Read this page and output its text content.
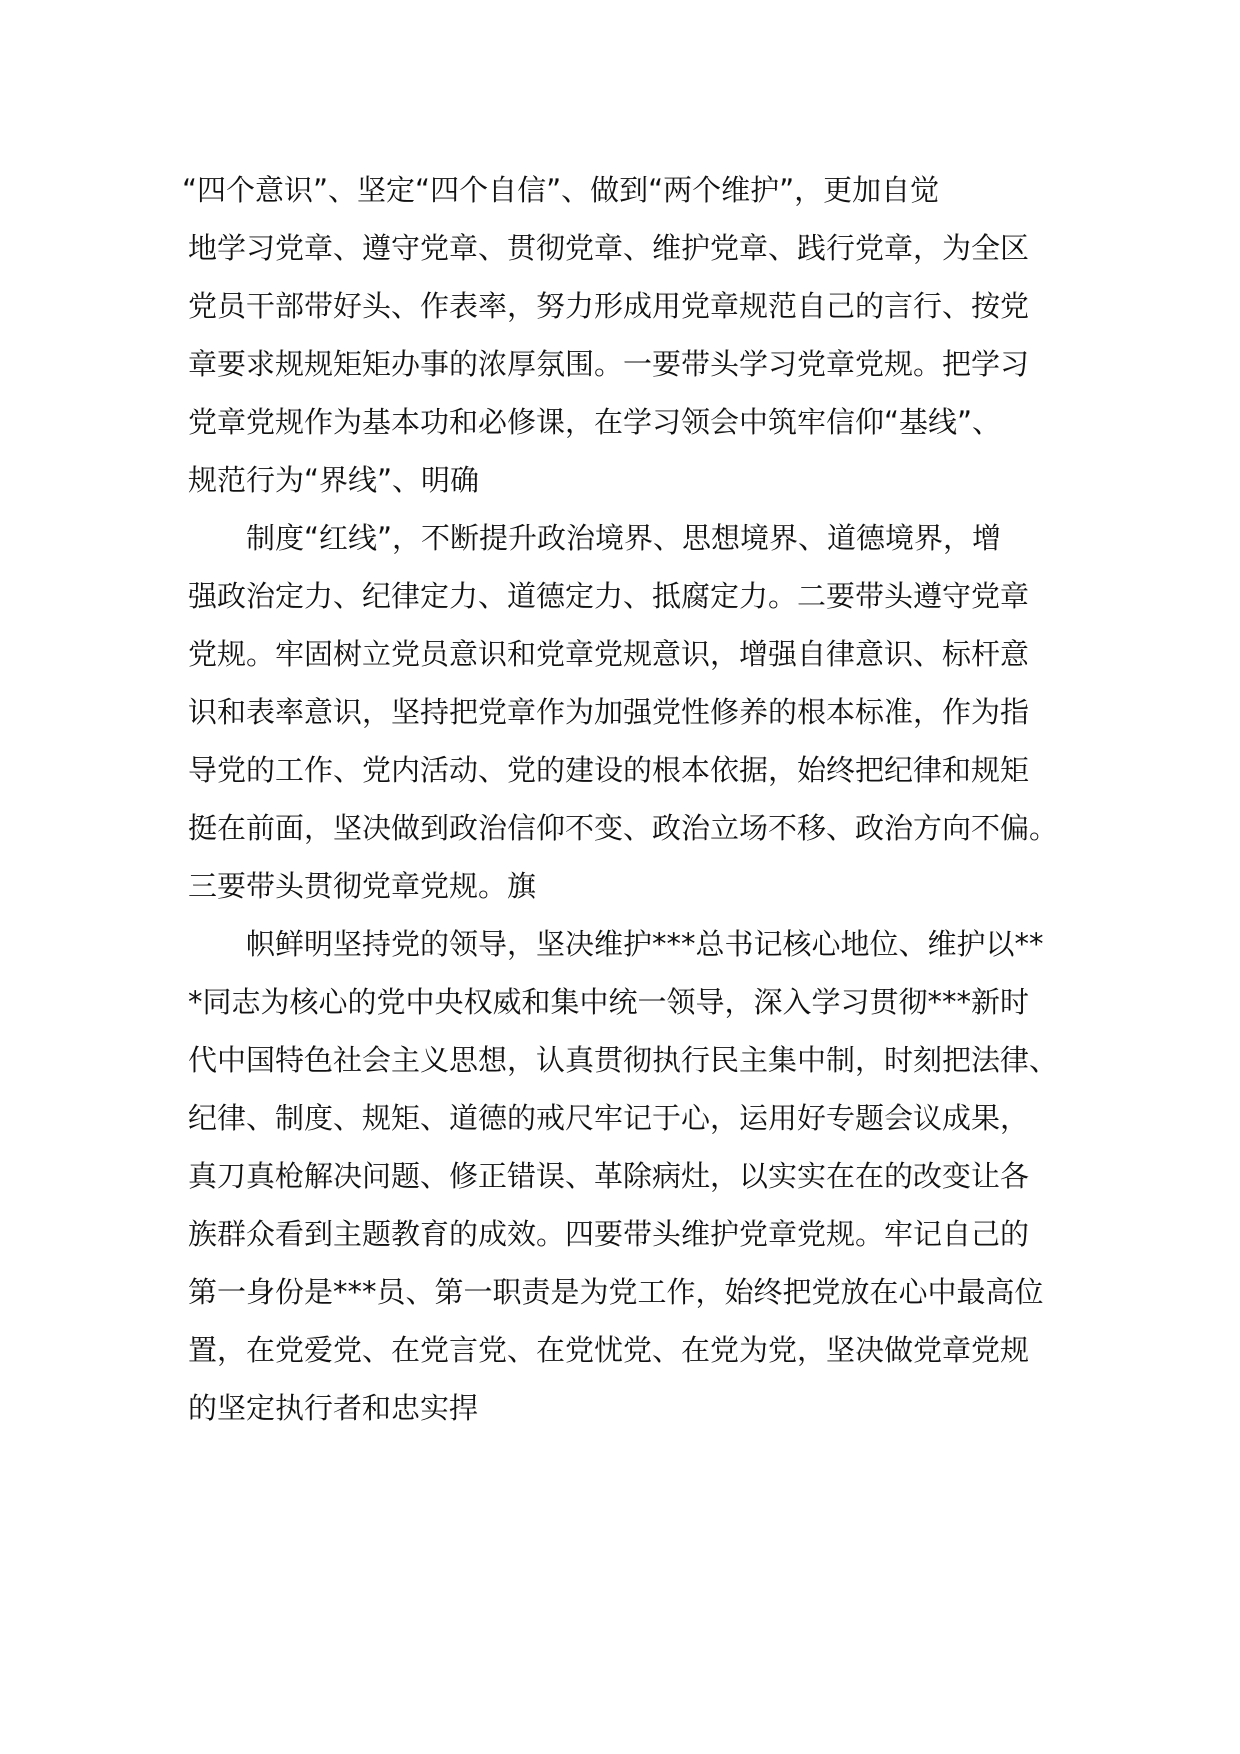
“四个意识”、坚定“四个自信”、做到“两个维护”，更加自觉
地学习党章、遵守党章、贯彻党章、维护党章、践行党章，为全区
党员干部带好头、作表率，努力形成用党章规范自己的言行、按党
章要求规规矩矩办事的浓厚氛围。一要带头学习党章党规。把学习
党章党规作为基本功和必修课，在学习领会中筑牢信仰“基线”、
规范行为“界线”、明确
制度“红线”，不断提升政治境界、思想境界、道德境界，增
强政治定力、纪律定力、道德定力、抵腐定力。二要带头遵守党章
党规。牢固树立党员意识和党章党规意识，增强自律意识、标杆意
识和表率意识，坚持把党章作为加强党性修养的根本标准，作为指
导党的工作、党内活动、党的建设的根本依据，始终把纪律和规矩
挺在前面，坚决做到政治信仰不变、政治立场不移、政治方向不偏。
三要带头贯彻党章党规。旗
帜鲜明坚持党的领导，坚决维护***总书记核心地位、维护以**
*同志为核心的党中央权威和集中统一领导，深入学习贯彻***新时
代中国特色社会主义思想，认真贯彻执行民主集中制，时刻把法律、
纪律、制度、规矩、道德的戒尺牢记于心，运用好专题会议成果，
真刀真枪解决问题、修正错误、革除病灶，以实实在在的改变让各
族群众看到主题教育的成效。四要带头维护党章党规。牢记自己的
第一身份是***员、第一职责是为党工作，始终把党放在心中最高位
置，在党爱党、在党言党、在党忧党、在党为党，坚决做党章党规
的坚定执行者和忠实捍
